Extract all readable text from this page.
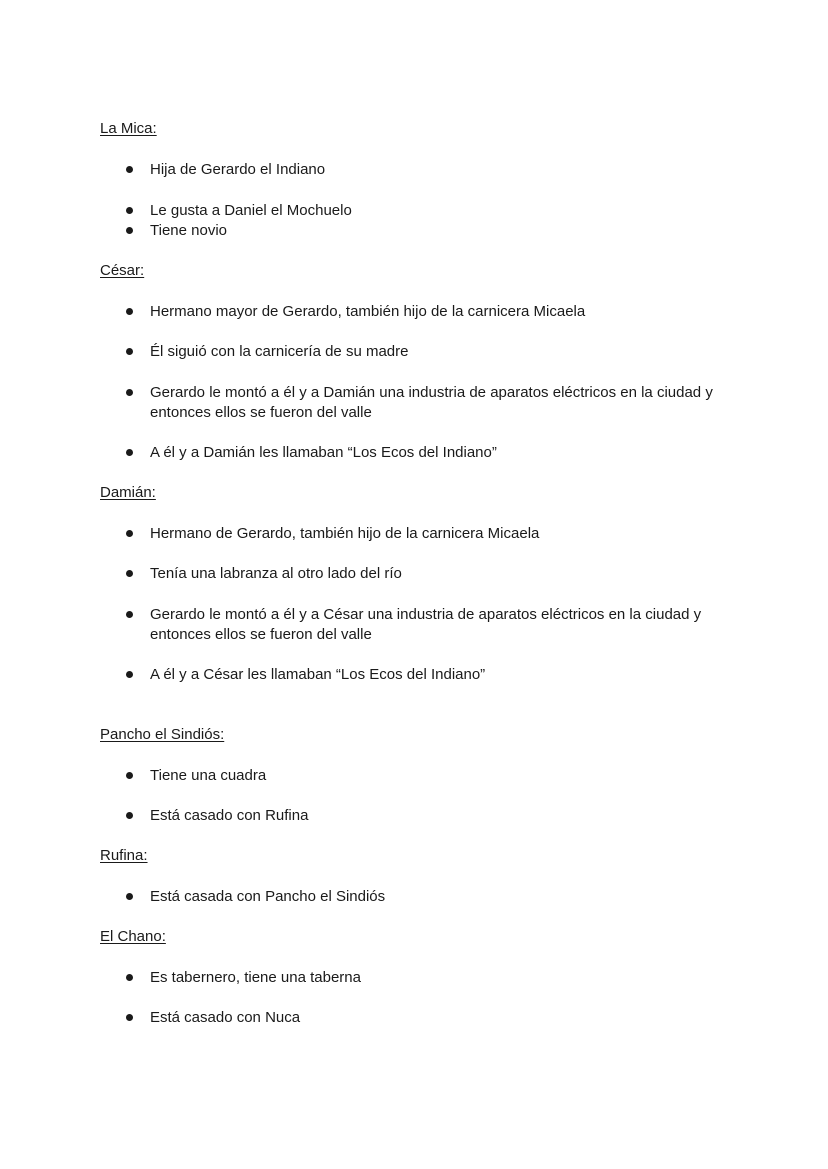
La Mica:
Hija de Gerardo el Indiano
Le gusta a Daniel el Mochuelo
Tiene novio
César:
Hermano mayor de Gerardo, también hijo de la carnicera Micaela
Él siguió con la carnicería de su madre
Gerardo le montó a él y a Damián una industria de aparatos eléctricos en la ciudad y entonces ellos se fueron del valle
A él y a Damián les llamaban “Los Ecos del Indiano”
Damián:
Hermano de Gerardo, también hijo de la carnicera Micaela
Tenía una labranza al otro lado del río
Gerardo le montó a él y a César una industria de aparatos eléctricos en la ciudad y entonces ellos se fueron del valle
A él y a César les llamaban “Los Ecos del Indiano”
Pancho el Sindiós:
Tiene una cuadra
Está casado con Rufina
Rufina:
Está casada con Pancho el Sindiós
El Chano:
Es tabernero, tiene una taberna
Está casado con Nuca
